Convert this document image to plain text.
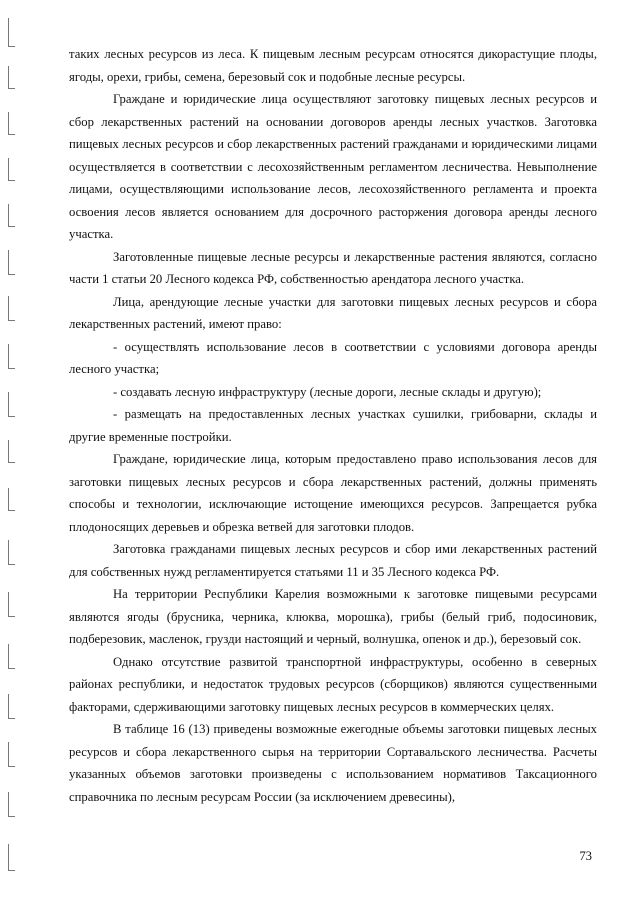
таких лесных ресурсов из леса. К пищевым лесным ресурсам относятся дикорастущие плоды, ягоды, орехи, грибы, семена, березовый сок и подобные лесные ресурсы.

Граждане и юридические лица осуществляют заготовку пищевых лесных ресурсов и сбор лекарственных растений на основании договоров аренды лесных участков. Заготовка пищевых лесных ресурсов и сбор лекарственных растений гражданами и юридическими лицами осуществляется в соответствии с лесохозяйственным регламентом лесничества. Невыполнение лицами, осуществляющими использование лесов, лесохозяйственного регламента и проекта освоения лесов является основанием для досрочного расторжения договора аренды лесного участка.

Заготовленные пищевые лесные ресурсы и лекарственные растения являются, согласно части 1 статьи 20 Лесного кодекса РФ, собственностью арендатора лесного участка.

Лица, арендующие лесные участки для заготовки пищевых лесных ресурсов и сбора лекарственных растений, имеют право:

- осуществлять использование лесов в соответствии с условиями договора аренды лесного участка;

- создавать лесную инфраструктуру (лесные дороги, лесные склады и другую);

- размещать на предоставленных лесных участках сушилки, грибоварни, склады и другие временные постройки.

Граждане, юридические лица, которым предоставлено право использования лесов для заготовки пищевых лесных ресурсов и сбора лекарственных растений, должны применять способы и технологии, исключающие истощение имеющихся ресурсов. Запрещается рубка плодоносящих деревьев и обрезка ветвей для заготовки плодов.

Заготовка гражданами пищевых лесных ресурсов и сбор ими лекарственных растений для собственных нужд регламентируется статьями 11 и 35 Лесного кодекса РФ.

На территории Республики Карелия возможными к заготовке пищевыми ресурсами являются ягоды (брусника, черника, клюква, морошка), грибы (белый гриб, подосиновик, подберезовик, масленок, грузди настоящий и черный, волнушка, опенок и др.), березовый сок.

Однако отсутствие развитой транспортной инфраструктуры, особенно в северных районах республики, и недостаток трудовых ресурсов (сборщиков) являются существенными факторами, сдерживающими заготовку пищевых лесных ресурсов в коммерческих целях.

В таблице 16 (13) приведены возможные ежегодные объемы заготовки пищевых лесных ресурсов и сбора лекарственного сырья на территории Сортавальского лесничества. Расчеты указанных объемов заготовки произведены с использованием нормативов Таксационного справочника по лесным ресурсам России (за исключением древесины),

73
